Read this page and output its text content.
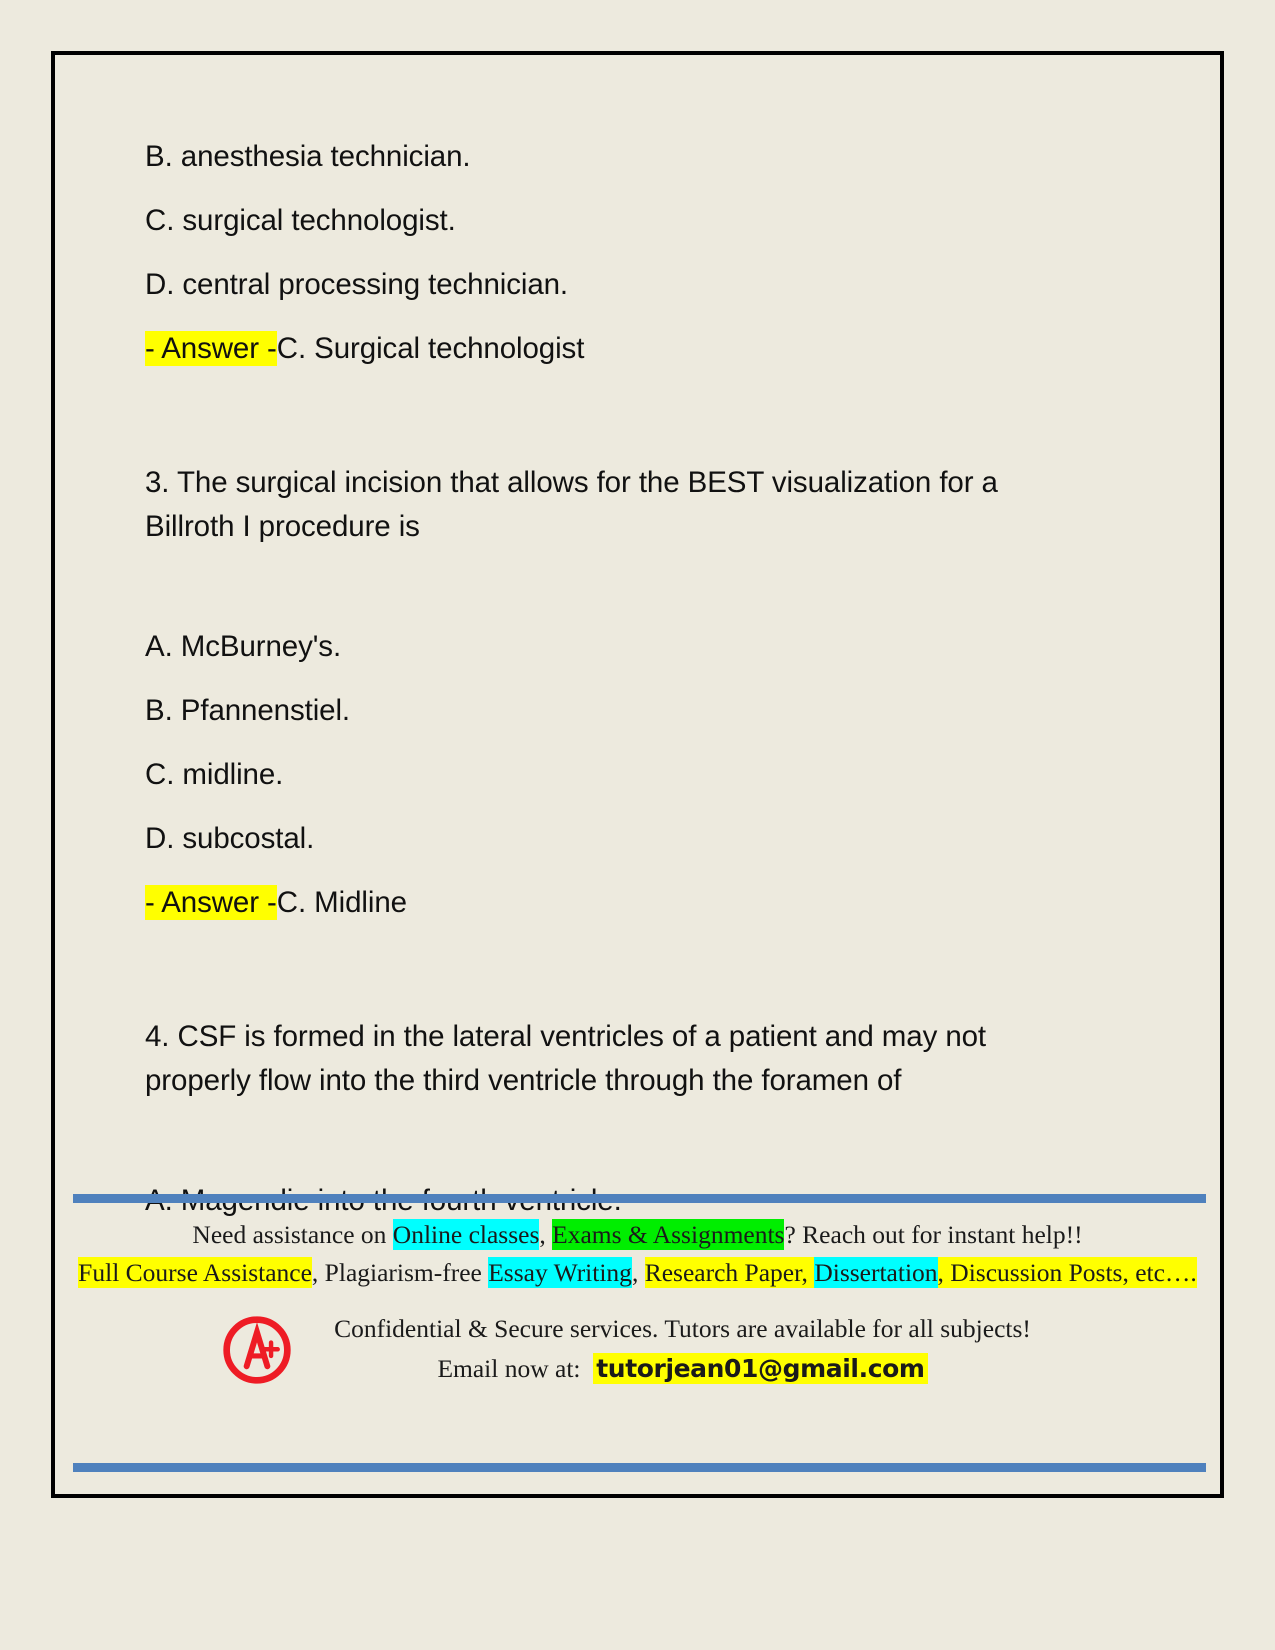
B. anesthesia technician.
C. surgical technologist.
D. central processing technician.
- Answer -C. Surgical technologist
3. The surgical incision that allows for the BEST visualization for a
Billroth I procedure is
A. McBurney's.
B. Pfannenstiel.
C. midline.
D. subcostal.
- Answer -C. Midline
4. CSF is formed in the lateral ventricles of a patient and may not
properly flow into the third ventricle through the foramen of
Need assistance on Online classes, Exams & Assignments? Reach out for instant help!!
Full Course Assistance, Plagiarism-free Essay Writing, Research Paper, Dissertation, Discussion Posts, etc….
Confidential & Secure services. Tutors are available for all subjects!
Email now at:  tutorjean01@gmail.com
